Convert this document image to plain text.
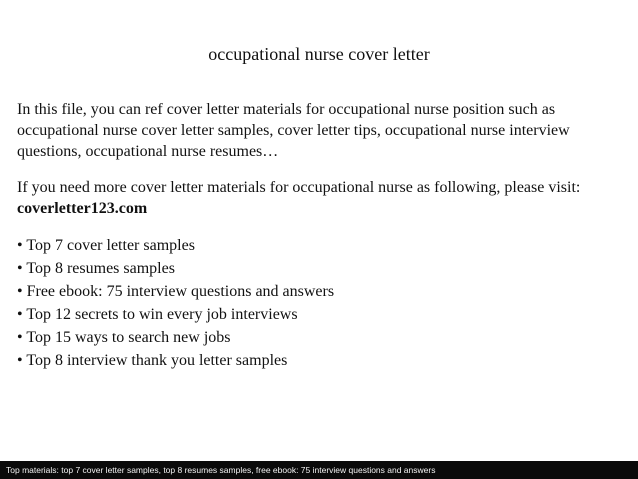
occupational nurse cover letter

In this file, you can ref cover letter materials for occupational nurse position such as occupational nurse cover letter samples, cover letter tips, occupational nurse interview questions, occupational nurse resumes…

If you need more cover letter materials for occupational nurse as following, please visit: coverletter123.com

• Top 7 cover letter samples
• Top 8 resumes samples
• Free ebook: 75 interview questions and answers
• Top 12 secrets to win every job interviews
• Top 15 ways to search new jobs
• Top 8 interview thank you letter samples
Top materials: top 7 cover letter samples, top 8 resumes samples, free ebook: 75 interview questions and answers
